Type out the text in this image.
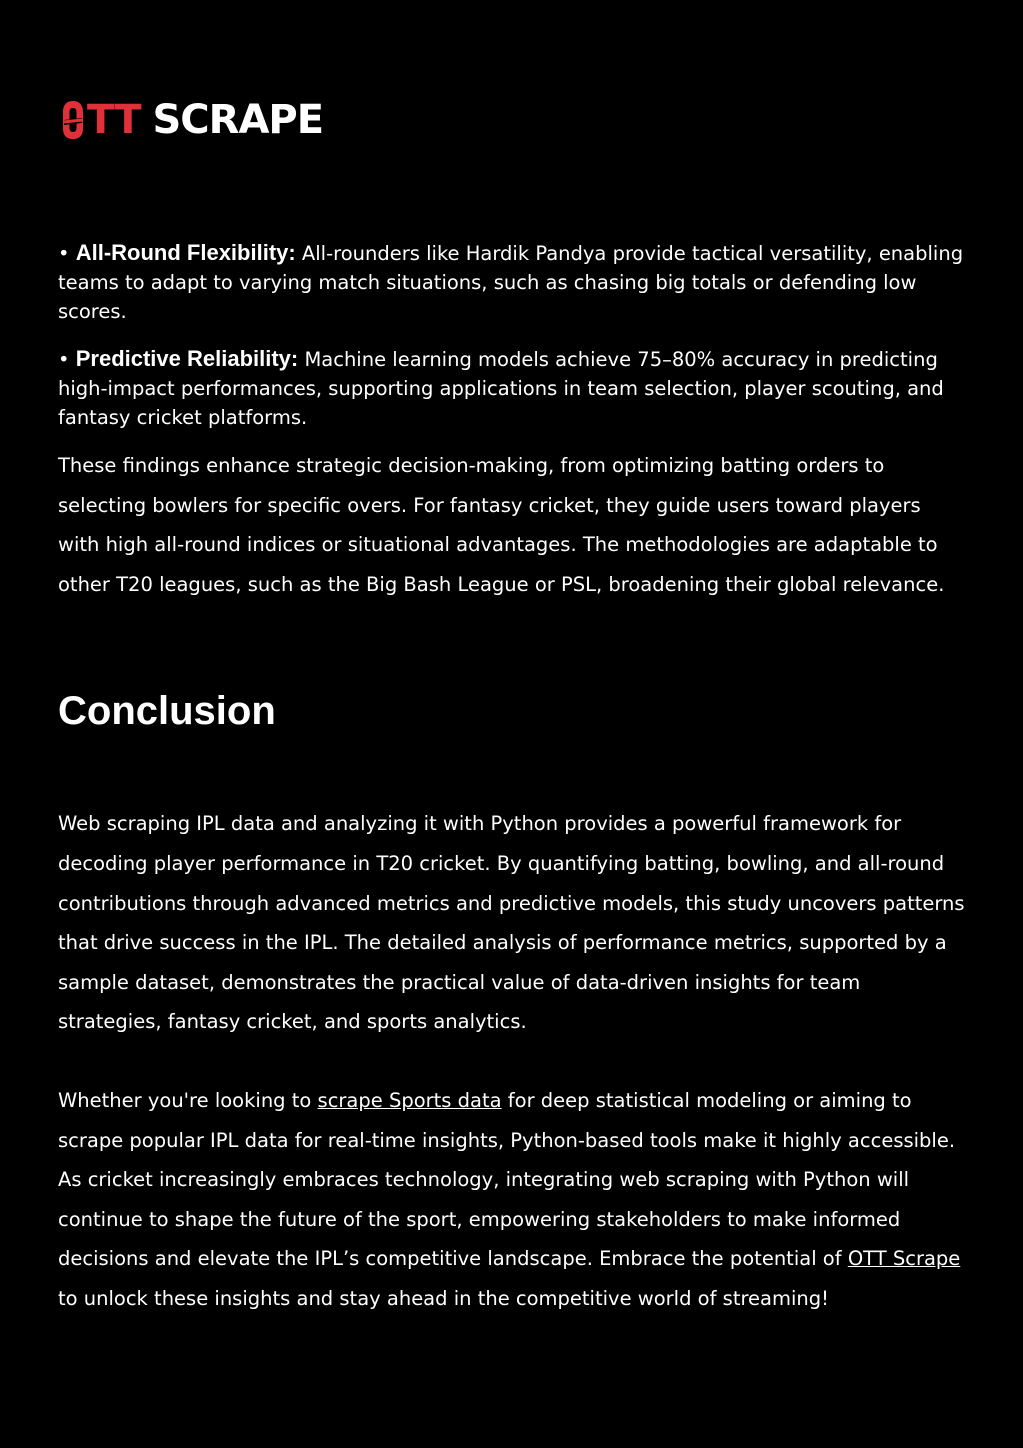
TT SCRAPE

• All-Round Flexibility: All-rounders like Hardik Pandya provide tactical versatility, enabling teams to adapt to varying match situations, such as chasing big totals or defending low scores.

• Predictive Reliability: Machine learning models achieve 75–80% accuracy in predicting high-impact performances, supporting applications in team selection, player scouting, and fantasy cricket platforms.

These findings enhance strategic decision-making, from optimizing batting orders to selecting bowlers for specific overs. For fantasy cricket, they guide users toward players with high all-round indices or situational advantages. The methodologies are adaptable to other T20 leagues, such as the Big Bash League or PSL, broadening their global relevance.

Conclusion

Web scraping IPL data and analyzing it with Python provides a powerful framework for decoding player performance in T20 cricket. By quantifying batting, bowling, and all-round contributions through advanced metrics and predictive models, this study uncovers patterns that drive success in the IPL. The detailed analysis of performance metrics, supported by a sample dataset, demonstrates the practical value of data-driven insights for team strategies, fantasy cricket, and sports analytics.

Whether you're looking to scrape Sports data for deep statistical modeling or aiming to scrape popular IPL data for real-time insights, Python-based tools make it highly accessible. As cricket increasingly embraces technology, integrating web scraping with Python will continue to shape the future of the sport, empowering stakeholders to make informed decisions and elevate the IPL’s competitive landscape. Embrace the potential of OTT Scrape to unlock these insights and stay ahead in the competitive world of streaming!
